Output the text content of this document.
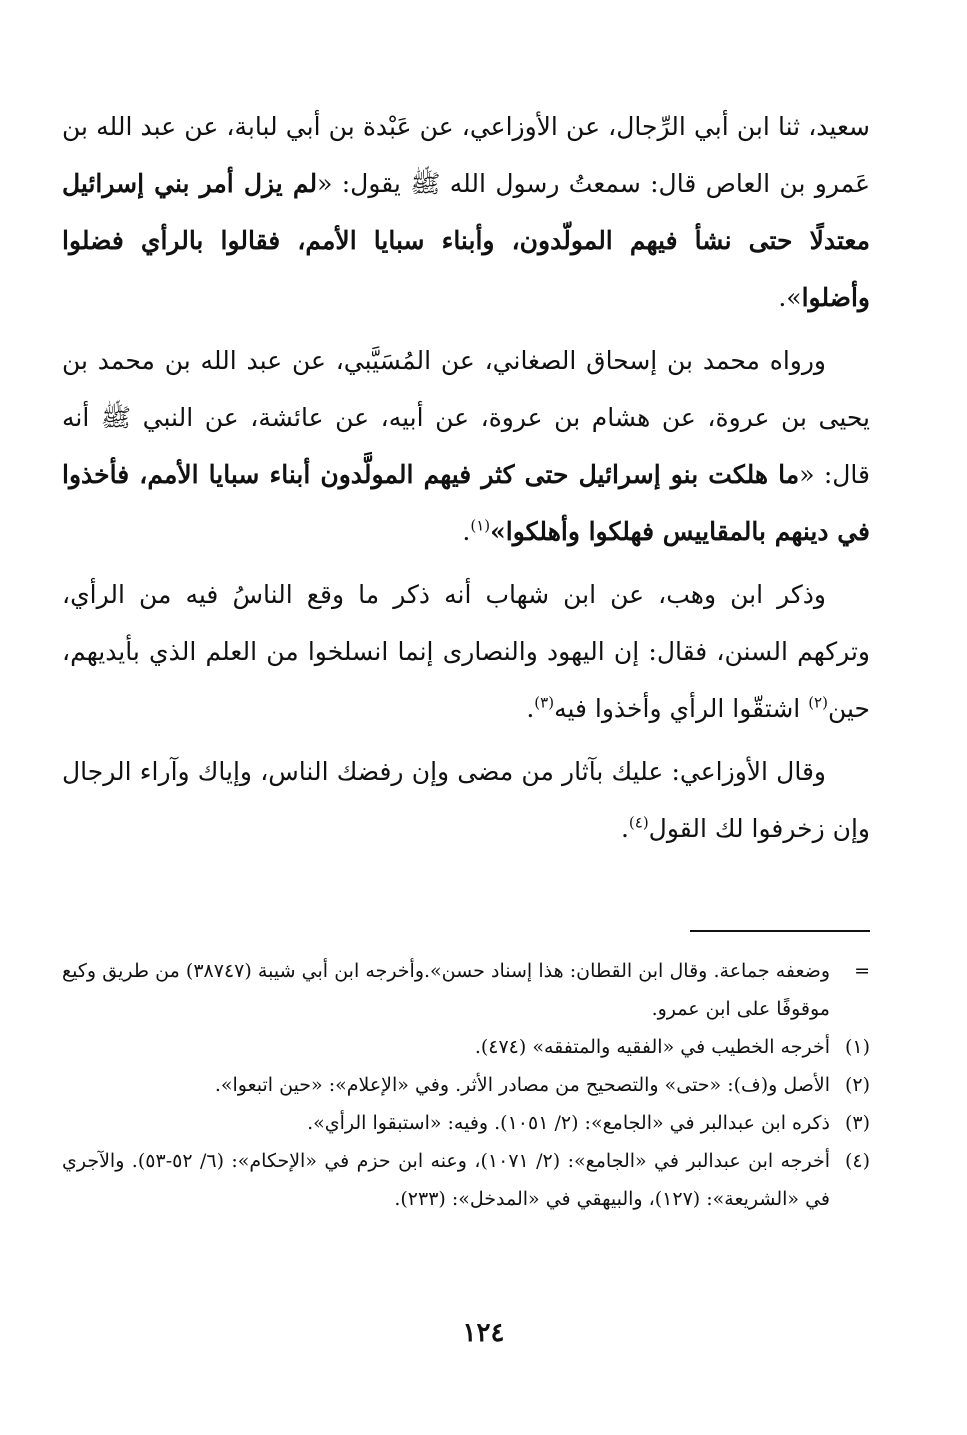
سعيد، ثنا ابن أبي الرِّجال، عن الأوزاعي، عن عَبْدة بن أبي لبابة، عن عبد الله بن عَمرو بن العاص قال: سمعتُ رسول الله ﷺ يقول: «لم يزل أمر بني إسرائيل معتدلًا حتى نشأ فيهم المولّدون، وأبناء سبايا الأمم، فقالوا بالرأي فضلوا وأضلوا».

ورواه محمد بن إسحاق الصغاني، عن المُسَيَّبي، عن عبد الله بن محمد بن يحيى بن عروة، عن هشام بن عروة، عن أبيه، عن عائشة، عن النبي ﷺ أنه قال: «ما هلكت بنو إسرائيل حتى كثر فيهم المولَّدون أبناء سبايا الأمم، فأخذوا في دينهم بالمقاييس فهلكوا وأهلكوا»$^{(١)}$.

وذكر ابن وهب، عن ابن شهاب أنه ذكر ما وقع الناسُ فيه من الرأي، وتركهم السنن، فقال: إن اليهود والنصارى إنما انسلخوا من العلم الذي بأيديهم، حين$^{(٢)}$ اشتقّوا الرأي وأخذوا فيه$^{(٣)}$.

وقال الأوزاعي: عليك بآثار من مضى وإن رفضك الناس، وإياك وآراء الرجال وإن زخرفوا لك القول$^{(٤)}$.

=
وضعفه جماعة. وقال ابن القطان: هذا إسناد حسن».وأخرجه ابن أبي شيبة (٣٨٧٤٧) من طريق وكيع موقوفًا على ابن عمرو.
(١)
أخرجه الخطيب في «الفقيه والمتفقه» (٤٧٤).
(٢)
الأصل و(ف): «حتى» والتصحيح من مصادر الأثر. وفي «الإعلام»: «حين اتبعوا».
(٣)
ذكره ابن عبدالبر في «الجامع»: (٢/ ١٠٥١). وفيه: «استبقوا الرأي».
(٤)
أخرجه ابن عبدالبر في «الجامع»: (٢/ ١٠٧١)، وعنه ابن حزم في «الإحكام»: (٦/ ٥٢-٥٣). والآجري في «الشريعة»: (١٢٧)، والبيهقي في «المدخل»: (٢٣٣).
١٢٤
